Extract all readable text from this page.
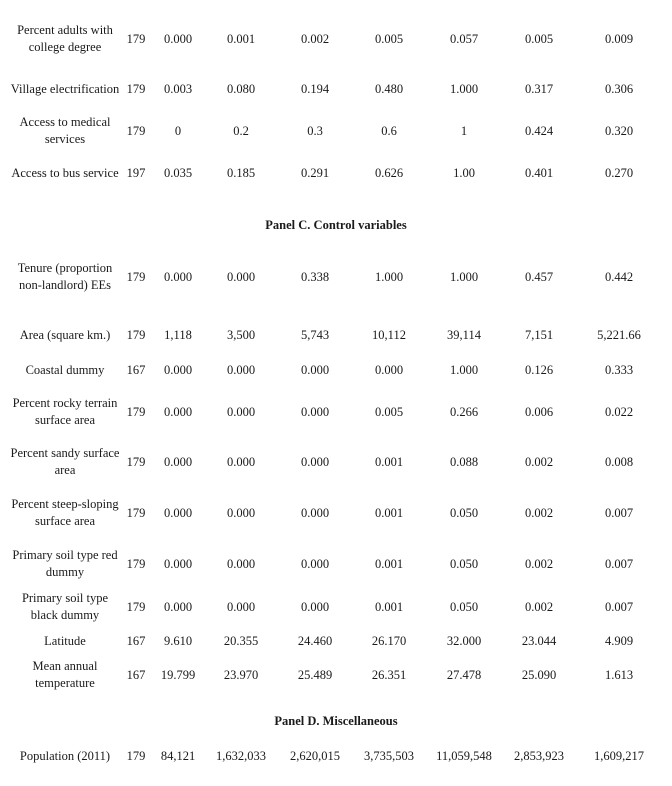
Percent adults with college degree	179	0.000	0.001	0.002	0.005	0.057	0.005	0.009
Village electrification	179	0.003	0.080	0.194	0.480	1.000	0.317	0.306
Access to medical services	179	0	0.2	0.3	0.6	1	0.424	0.320
Access to bus service	197	0.035	0.185	0.291	0.626	1.00	0.401	0.270
Panel C. Control variables
Tenure (proportion non-landlord) EEs	179	0.000	0.000	0.338	1.000	1.000	0.457	0.442
Area (square km.)	179	1,118	3,500	5,743	10,112	39,114	7,151	5,221.66
Coastal dummy	167	0.000	0.000	0.000	0.000	1.000	0.126	0.333
Percent rocky terrain surface area	179	0.000	0.000	0.000	0.005	0.266	0.006	0.022
Percent sandy surface area	179	0.000	0.000	0.000	0.001	0.088	0.002	0.008
Percent steep-sloping surface area	179	0.000	0.000	0.000	0.001	0.050	0.002	0.007
Primary soil type red dummy	179	0.000	0.000	0.000	0.001	0.050	0.002	0.007
Primary soil type black dummy	179	0.000	0.000	0.000	0.001	0.050	0.002	0.007
Latitude	167	9.610	20.355	24.460	26.170	32.000	23.044	4.909
Mean annual temperature	167	19.799	23.970	25.489	26.351	27.478	25.090	1.613
Panel D. Miscellaneous
Population (2011)	179	84,121	1,632,033	2,620,015	3,735,503	11,059,548	2,853,923	1,609,217
